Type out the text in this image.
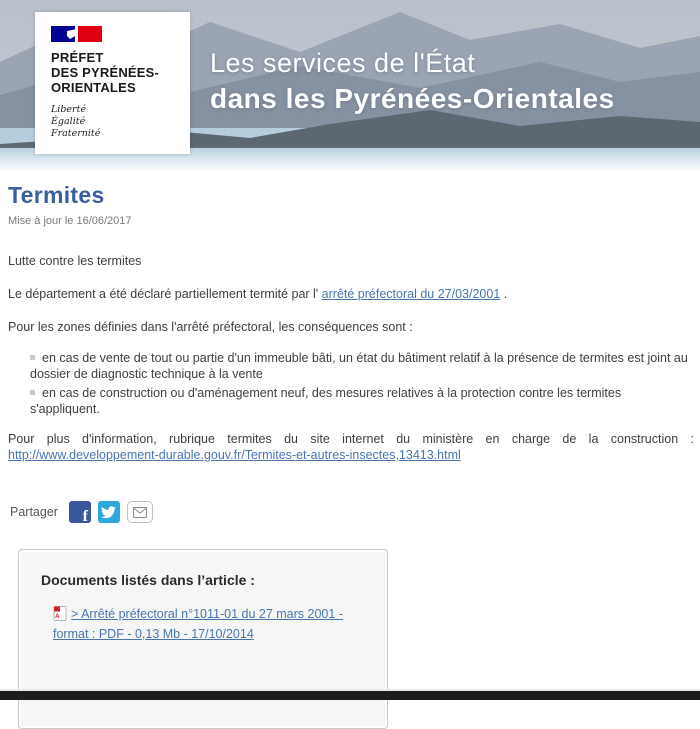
Les services de l'État
dans les Pyrénées-Orientales
PRÉFET
DES PYRÉNÉES-
ORIENTALES
Liberté
Égalité
Fraternité
Termites
Mise à jour le 16/06/2017

Lutte contre les termites

Le département a été déclaré partiellement termité par l' arrêté préfectoral du 27/03/2001 .

Pour les zones définies dans l'arrêté préfectoral, les conséquences sont :

en cas de vente de tout ou partie d'un immeuble bâti, un état du bâtiment relatif à la présence de termites est joint au dossier de diagnostic technique à la vente
en cas de construction ou d'aménagement neuf, des mesures relatives à la protection contre les termites s'appliquent.

Pour plus d'information, rubrique termites du site internet du ministère en charge de la construction : http://www.developpement-durable.gouv.fr/Termites-et-autres-insectes,13413.html

Partager f
Documents listés dans l’article :
A > Arrêté préfectoral n°1011-01 du 27 mars 2001 - format : PDF - 0,13 Mb - 17/10/2014
